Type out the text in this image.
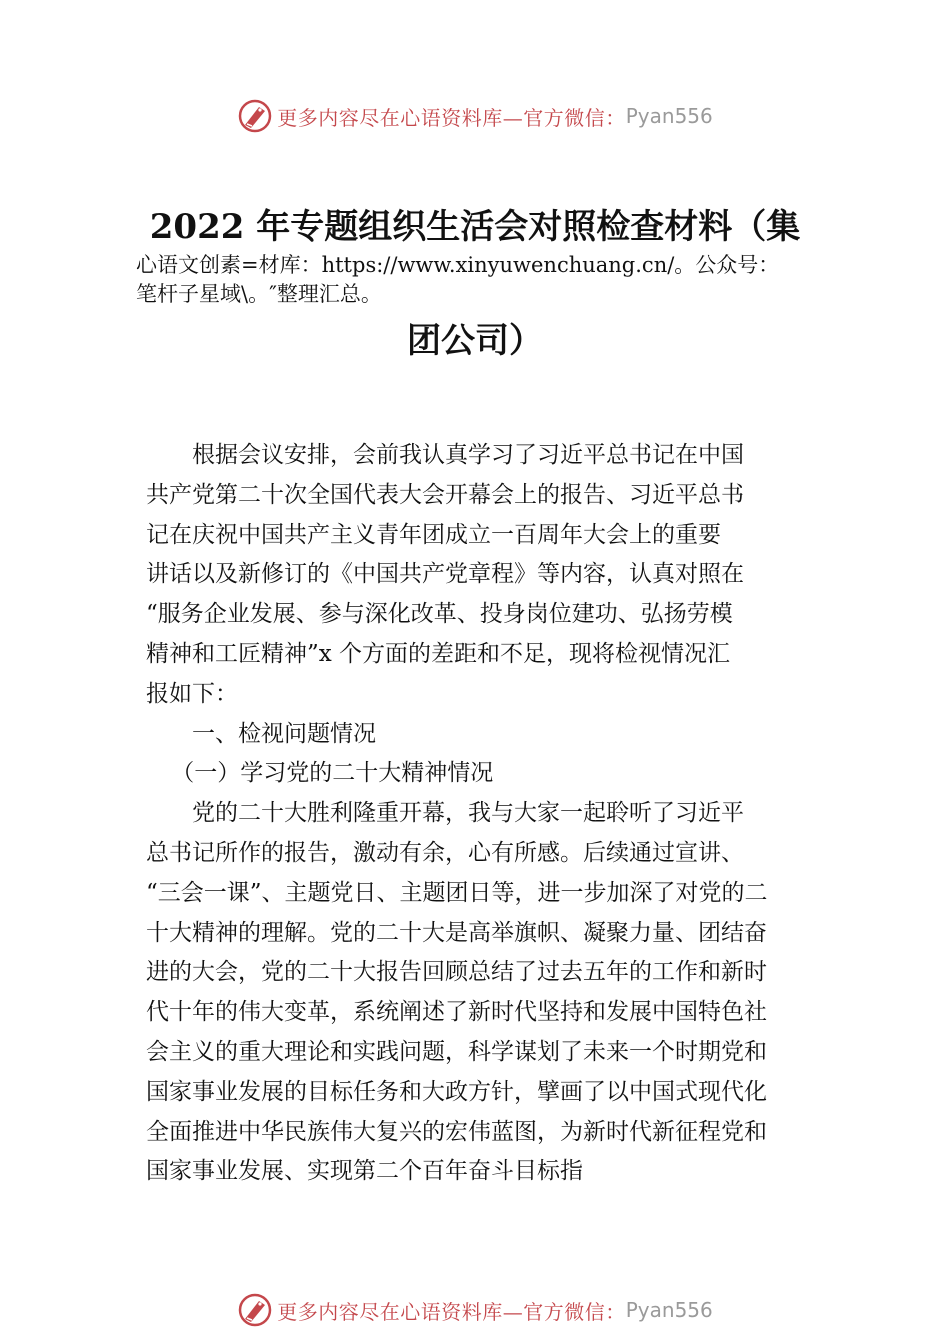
更多内容尽在心语资料库—官方微信： Pyan556
2022 年专题组织生活会对照检查材料（集

心语文创素=材库：https://www.xinyuwenchuang.cn/。公众号：

笔杆子星域\。″整理汇总。

团公司）

根据会议安排，会前我认真学习了习近平总书记在中国
共产党第二十次全国代表大会开幕会上的报告、习近平总书
记在庆祝中国共产主义青年团成立一百周年大会上的重要
讲话以及新修订的《中国共产党章程》等内容，认真对照在
“服务企业发展、参与深化改革、投身岗位建功、弘扬劳模
精神和工匠精神”x 个方面的差距和不足，现将检视情况汇
报如下：

一、检视问题情况

（一）学习党的二十大精神情况

党的二十大胜利隆重开幕，我与大家一起聆听了习近平
总书记所作的报告，激动有余，心有所感。后续通过宣讲、
“三会一课”、主题党日、主题团日等，进一步加深了对党的二
十大精神的理解。党的二十大是高举旗帜、凝聚力量、团结奋
进的大会，党的二十大报告回顾总结了过去五年的工作和新时
代十年的伟大变革，系统阐述了新时代坚持和发展中国特色社
会主义的重大理论和实践问题，科学谋划了未来一个时期党和
国家事业发展的目标任务和大政方针，擘画了以中国式现代化
全面推进中华民族伟大复兴的宏伟蓝图，为新时代新征程党和
国家事业发展、实现第二个百年奋斗目标指

更多内容尽在心语资料库—官方微信： Pyan556
